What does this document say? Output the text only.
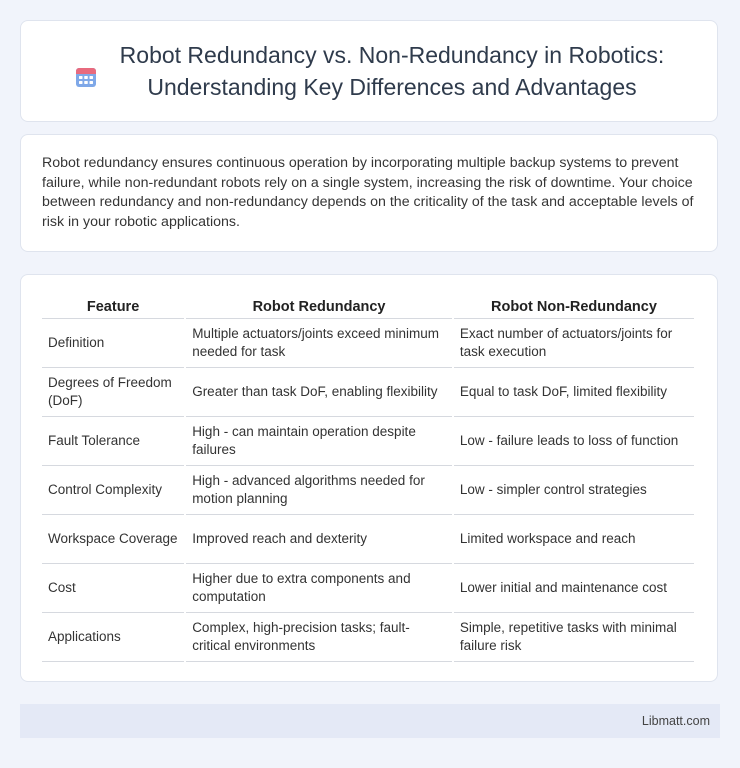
Robot Redundancy vs. Non-Redundancy in Robotics:
Understanding Key Differences and Advantages

Robot redundancy ensures continuous operation by incorporating multiple backup systems to prevent failure, while non-redundant robots rely on a single system, increasing the risk of downtime. Your choice between redundancy and non-redundancy depends on the criticality of the task and acceptable levels of risk in your robotic applications.

Feature	Robot Redundancy	Robot Non-Redundancy
Definition	Multiple actuators/joints exceed minimum needed for task	Exact number of actuators/joints for task execution
Degrees of Freedom (DoF)	Greater than task DoF, enabling flexibility	Equal to task DoF, limited flexibility
Fault Tolerance	High - can maintain operation despite failures	Low - failure leads to loss of function
Control Complexity	High - advanced algorithms needed for motion planning	Low - simpler control strategies
Workspace Coverage	Improved reach and dexterity	Limited workspace and reach
Cost	Higher due to extra components and computation	Lower initial and maintenance cost
Applications	Complex, high-precision tasks; fault-critical environments	Simple, repetitive tasks with minimal failure risk
Libmatt.com
